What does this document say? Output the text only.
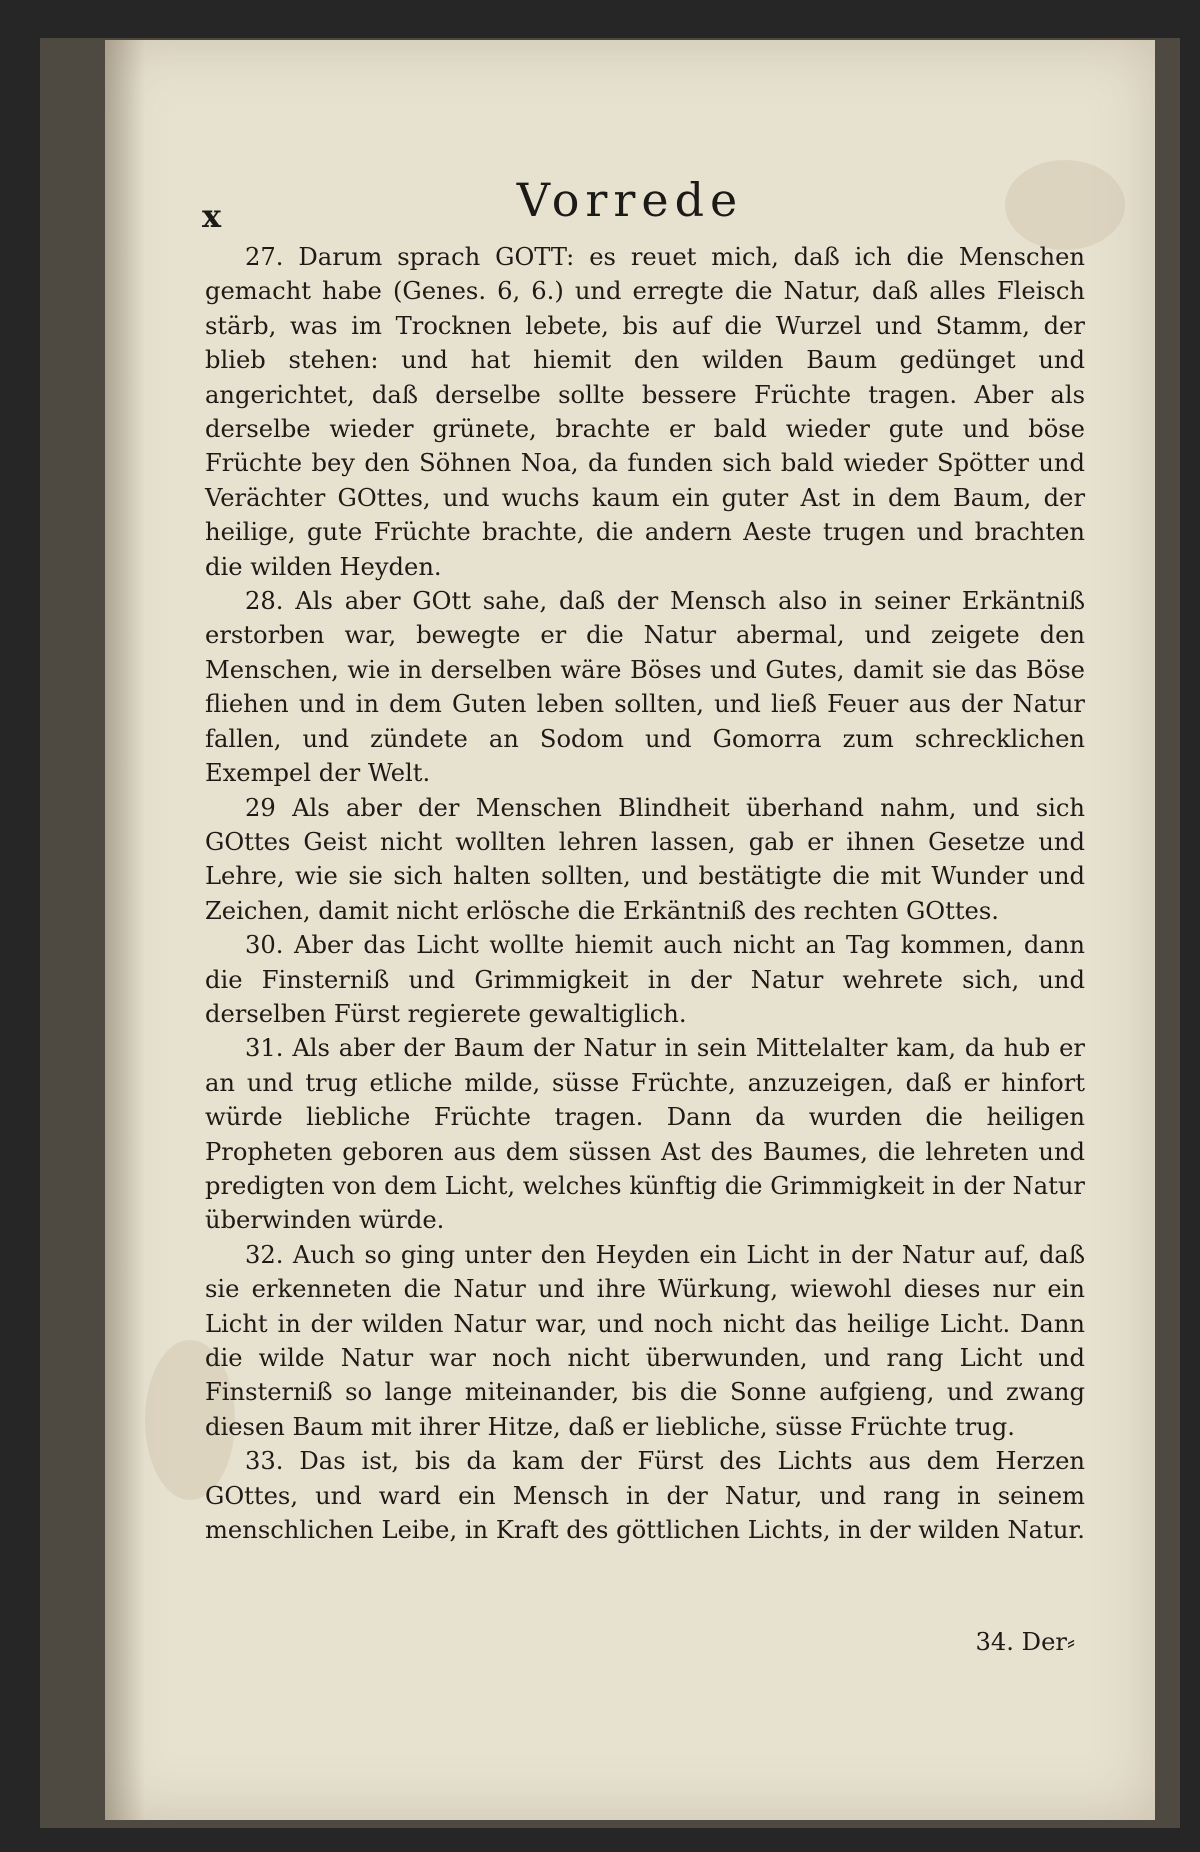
x	Vorrede

27. Darum sprach GOTT: es reuet mich, daß ich die Menschen gemacht habe (Genes. 6, 6.) und erregte die Natur, daß alles Fleisch stärb, was im Trocknen lebete, bis auf die Wurzel und Stamm, der blieb stehen: und hat hiemit den wilden Baum gedünget und angerichtet, daß derselbe sollte bessere Früchte tragen. Aber als derselbe wieder grünete, brachte er bald wieder gute und böse Früchte bey den Söhnen Noa, da funden sich bald wieder Spötter und Verächter GOttes, und wuchs kaum ein guter Ast in dem Baum, der heilige, gute Früchte brachte, die andern Aeste trugen und brachten die wilden Heyden.

28. Als aber GOtt sahe, daß der Mensch also in seiner Erkäntniß erstorben war, bewegte er die Natur abermal, und zeigete den Menschen, wie in derselben wäre Böses und Gutes, damit sie das Böse fliehen und in dem Guten leben sollten, und ließ Feuer aus der Natur fallen, und zündete an Sodom und Gomorra zum schrecklichen Exempel der Welt.

29 Als aber der Menschen Blindheit überhand nahm, und sich GOttes Geist nicht wollten lehren lassen, gab er ihnen Gesetze und Lehre, wie sie sich halten sollten, und bestätigte die mit Wunder und Zeichen, damit nicht erlösche die Erkäntniß des rechten GOttes.

30. Aber das Licht wollte hiemit auch nicht an Tag kommen, dann die Finsterniß und Grimmigkeit in der Natur wehrete sich, und derselben Fürst regierete gewaltiglich.

31. Als aber der Baum der Natur in sein Mittelalter kam, da hub er an und trug etliche milde, süsse Früchte, anzuzeigen, daß er hinfort würde liebliche Früchte tragen. Dann da wurden die heiligen Propheten geboren aus dem süssen Ast des Baumes, die lehreten und predigten von dem Licht, welches künftig die Grimmigkeit in der Natur überwinden würde.

32. Auch so ging unter den Heyden ein Licht in der Natur auf, daß sie erkenneten die Natur und ihre Würkung, wiewohl dieses nur ein Licht in der wilden Natur war, und noch nicht das heilige Licht. Dann die wilde Natur war noch nicht überwunden, und rang Licht und Finsterniß so lange miteinander, bis die Sonne aufgieng, und zwang diesen Baum mit ihrer Hitze, daß er liebliche, süsse Früchte trug.

33. Das ist, bis da kam der Fürst des Lichts aus dem Herzen GOttes, und ward ein Mensch in der Natur, und rang in seinem menschlichen Leibe, in Kraft des göttlichen Lichts, in der wilden Natur.

34. Der⸗
